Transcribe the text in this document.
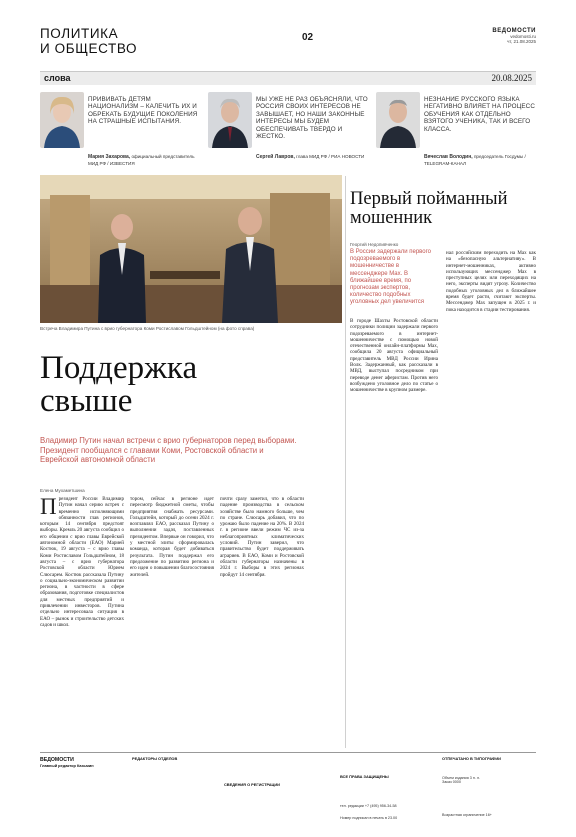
ПОЛИТИКА
И ОБЩЕСТВО
02
ВЕДОМОСТИ
vedomosti.ru
чт, 21.08.2025
слова	20.08.2025
ПРИВИВАТЬ ДЕТЯМ НАЦИОНАЛИЗМ – КАЛЕЧИТЬ ИХ И ОБРЕКАТЬ БУДУЩИЕ ПОКОЛЕНИЯ НА СТРАШНЫЕ ИСПЫТАНИЯ.
Мария Захарова, официальный представитель МИД РФ / ИЗВЕСТИЯ
МЫ УЖЕ НЕ РАЗ ОБЪЯСНЯЛИ, ЧТО РОССИЯ СВОИХ ИНТЕРЕСОВ НЕ ЗАВЫШАЕТ, НО НАШИ ЗАКОННЫЕ ИНТЕРЕСЫ МЫ БУДЕМ ОБЕСПЕЧИВАТЬ ТВЕРДО И ЖЕСТКО.
Сергей Лавров, глава МИД РФ / РИА НОВОСТИ
НЕЗНАНИЕ РУССКОГО ЯЗЫКА НЕГАТИВНО ВЛИЯЕТ НА ПРОЦЕСС ОБУЧЕНИЯ КАК ОТДЕЛЬНО ВЗЯТОГО УЧЕНИКА, ТАК И ВСЕГО КЛАССА.
Вячеслав Володин, председатель Госдумы / TELEGRAM-КАНАЛ
Встреча Владимира Путина с врио губернатора Коми Ростиславом Гольдштейном (на фото справа)
Поддержка
свыше
Владимир Путин начал встречи с врио губернаторов перед выборами. Президент пообщался с главами Коми, Ростовской области и Еврейской автономной области
Елена Мухаметшина
Президент России Владимир Путин начал серию встреч с временно исполняющими обязанности глав регионов, которым 14 сентября предстоят выборы. Кремль 20 августа сообщил о его общении с врио главы Еврейской автономной области (ЕАО) Марией Костюк, 19 августа – с врио главы Коми Ростиславом Гольдштейном, 18 августа – с врио губернатора Ростовской области Юрием Слюсарем. Костюк рассказала Путину о социально-экономическом развитии региона, в частности в сфере образования, подготовке специалистов для местных предприятий и привлечении инвесторов. Путина отдельно интересовала ситуация в ЕАО – рынок и строительство детских садов и школ.
тором, сейчас в регионе идет пересмотр бюджетной сметы, чтобы предприятия снабжать ресурсами. Гольдштейн, который до осени 2024 г. возглавлял ЕАО, рассказал Путину о выполнении задач, поставленных президентом. Впервые он говорил, что у местной элиты сформировалась команда, которая будет добиваться результата. Путин поддержал его предложение по развитию региона и его идеи о повышении благосостояния жителей.
почти сразу заметил, что в области падение производства в сельском хозяйстве было намного больше, чем по стране. Слюсарь добавил, что по урожаю было падение на 20%. В 2024 г. в регионе ввели режим ЧС из-за неблагоприятных климатических условий. Путин заверил, что правительство будет поддерживать аграриев. В ЕАО, Коми и Ростовской области губернаторы назначены в 2024 г. Выборы в этих регионах пройдут 14 сентября.
Первый пойманный мошенник
Георгий Недопивченко
В России задержали первого подозреваемого в мошенничестве в мессенджере Max. В ближайшее время, по прогнозам экспертов, количество подобных уголовных дел увеличится
В городе Шахты Ростовской области сотрудники полиции задержали первого подозреваемого в интернет-мошенничестве с помощью новой отечественной онлайн-платформы Max, сообщила 20 августа официальный представитель МВД России Ирина Волк. Задержанный, как рассказали в МВД, выступал посредником при переводе денег аферистам. Против него возбуждено уголовное дело по статье о мошенничестве в крупном размере.
нал российским переходить на Max как на «безопасную альтернативу». В интернет-мошенниках, активно использующих мессенджер Max в преступных целях или переходящих на него, эксперты видят угрозу. Количество подобных уголовных дел в ближайшее время будет расти, считают эксперты. Мессенджер Max запущен в 2025 г. и пока находится в стадии тестирования.
ВЕДОМОСТИ
Главный редактор Казьмин
РЕДАКТОРЫ ОТДЕЛОВ
СВЕДЕНИЯ О РЕГИСТРАЦИИ
ВСЕ ПРАВА ЗАЩИЩЕНЫ
тел. редакции +7 (495) 956-34-58
Номер подписан в печать в 23.00
ОТПЕЧАТАНО В ТИПОГРАФИИ
Объем издания 3 п. л.
Заказ 0000
Возрастная ограничение 16+
